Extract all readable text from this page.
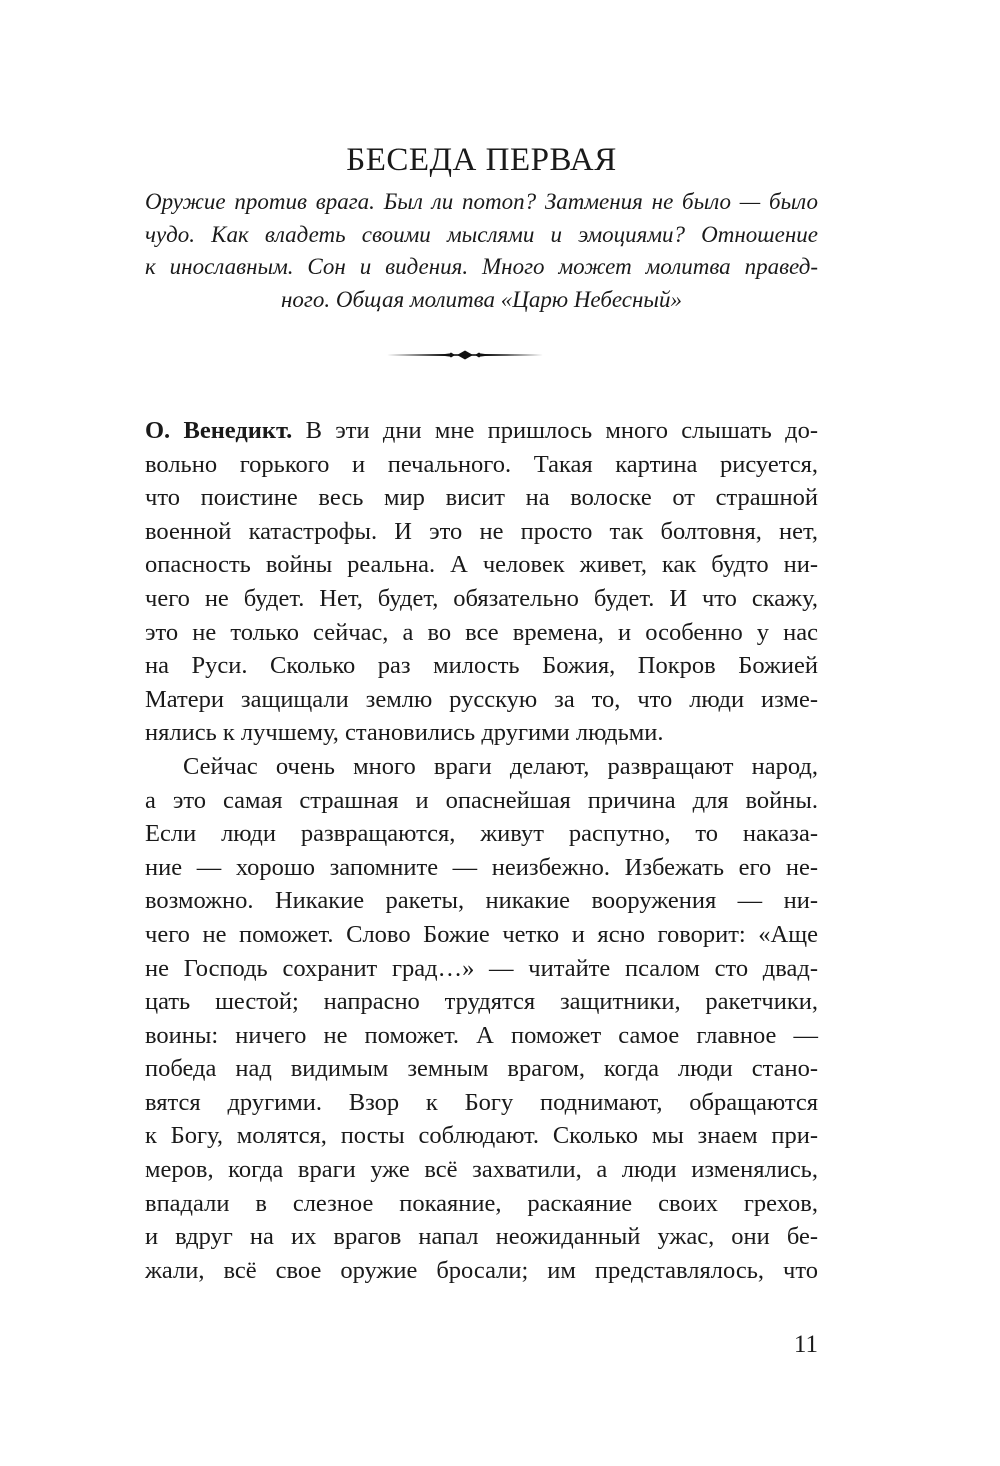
БЕСЕДА ПЕРВАЯ
Оружие против врага. Был ли потоп? Затмения не было — было
чудо. Как владеть своими мыслями и эмоциями? Отношение
к инославным. Сон и видения. Много может молитва правед-
ного. Общая молитва «Царю Небесный»
О. Венедикт. В эти дни мне пришлось много слышать до-
вольно горького и печального. Такая картина рисуется,
что поистине весь мир висит на волоске от страшной
военной катастрофы. И это не просто так болтовня, нет,
опасность войны реальна. А человек живет, как будто ни-
чего не будет. Нет, будет, обязательно будет. И что скажу,
это не только сейчас, а во все времена, и особенно у нас
на Руси. Сколько раз милость Божия, Покров Божией
Матери защищали землю русскую за то, что люди изме-
нялись к лучшему, становились другими людьми.
Сейчас очень много враги делают, развращают народ,
а это самая страшная и опаснейшая причина для войны.
Если люди развращаются, живут распутно, то наказа-
ние — хорошо запомните — неизбежно. Избежать его не-
возможно. Никакие ракеты, никакие вооружения — ни-
чего не поможет. Слово Божие четко и ясно говорит: «Аще
не Господь сохранит град…» — читайте псалом сто двад-
цать шестой; напрасно трудятся защитники, ракетчики,
воины: ничего не поможет. А поможет самое главное —
победа над видимым земным врагом, когда люди стано-
вятся другими. Взор к Богу поднимают, обращаются
к Богу, молятся, посты соблюдают. Сколько мы знаем при-
меров, когда враги уже всё захватили, а люди изменялись,
впадали в слезное покаяние, раскаяние своих грехов,
и вдруг на их врагов напал неожиданный ужас, они бе-
жали, всё свое оружие бросали; им представлялось, что
11
